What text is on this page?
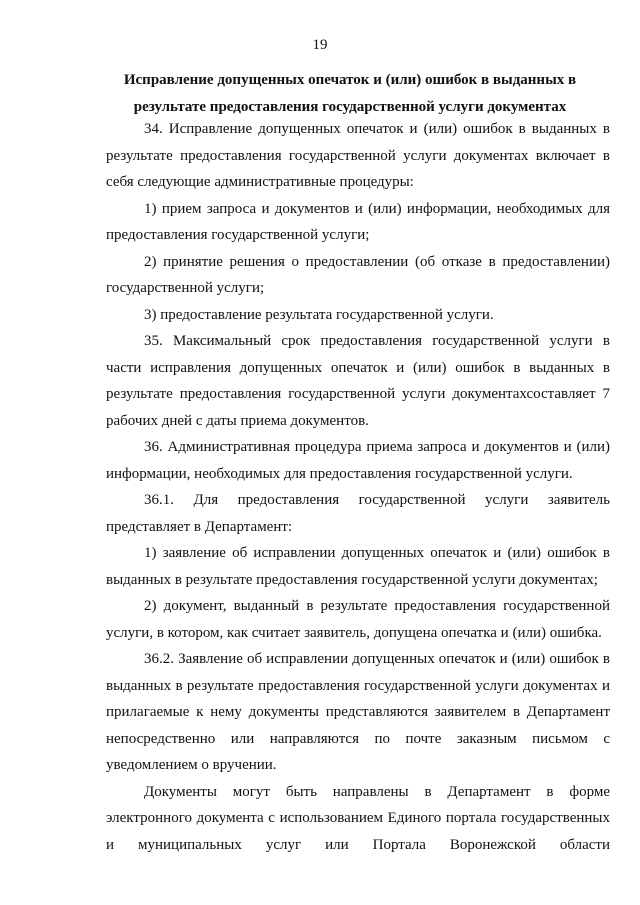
19
Исправление допущенных опечаток и (или) ошибок в выданных в результате предоставления государственной услуги документах

34. Исправление допущенных опечаток и (или) ошибок в выданных в результате предоставления государственной услуги документах включает в себя следующие административные процедуры:

1) прием запроса и документов и (или) информации, необходимых для предоставления государственной услуги;

2) принятие решения о предоставлении (об отказе в предоставлении) государственной услуги;

3) предоставление результата государственной услуги.

35. Максимальный срок предоставления государственной услуги в части исправления допущенных опечаток и (или) ошибок в выданных в результате предоставления государственной услуги документахсоставляет 7 рабочих дней с даты приема документов.

36. Административная процедура приема запроса и документов и (или) информации, необходимых для предоставления государственной услуги.

36.1. Для предоставления государственной услуги заявитель представляет в Департамент:

1) заявление об исправлении допущенных опечаток и (или) ошибок в выданных в результате предоставления государственной услуги документах;

2) документ, выданный в результате предоставления государственной услуги, в котором, как считает заявитель, допущена опечатка и (или) ошибка.

36.2. Заявление об исправлении допущенных опечаток и (или) ошибок в выданных в результате предоставления государственной услуги документах и прилагаемые к нему документы представляются заявителем в Департамент непосредственно или направляются по почте заказным письмом с уведомлением о вручении.

Документы могут быть направлены в Департамент в форме электронного документа с использованием Единого портала государственных и муниципальных услуг или Портала Воронежской области
